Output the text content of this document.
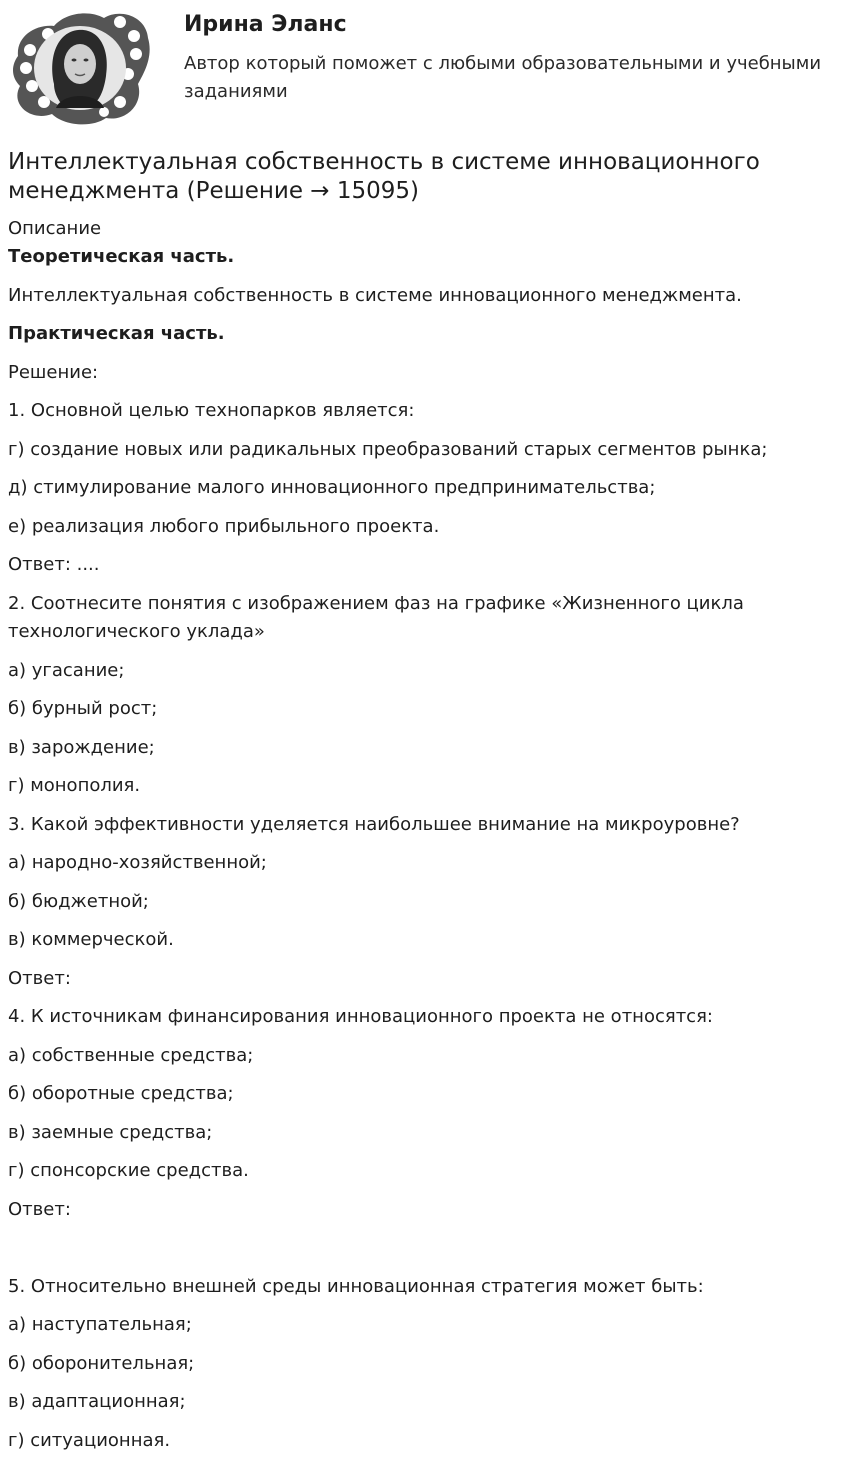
Ирина Эланс
Автор который поможет с любыми образовательными и учебными заданиями
Интеллектуальная собственность в системе инновационного менеджмента (Решение → 15095)
Описание
Теоретическая часть.
Интеллектуальная собственность в системе инновационного менеджмента.
Практическая часть.
Решение:
1. Основной целью технопарков является:
г) создание новых или радикальных преобразований старых сегментов рынка;
д) стимулирование малого инновационного предпринимательства;
е) реализация любого прибыльного проекта.
Ответ: ....
2. Соотнесите понятия с изображением фаз на графике «Жизненного цикла технологического уклада»
а) угасание;
б) бурный рост;
в) зарождение;
г) монополия.
3. Какой эффективности уделяется наибольшее внимание на микроуровне?
а) народно-хозяйственной;
б) бюджетной;
в) коммерческой.
Ответ:
4. К источникам финансирования инновационного проекта не относятся:
а) собственные средства;
б) оборотные средства;
в) заемные средства;
г) спонсорские средства.
Ответ:
5. Относительно внешней среды инновационная стратегия может быть:
а) наступательная;
б) оборонительная;
в) адаптационная;
г) ситуационная.
